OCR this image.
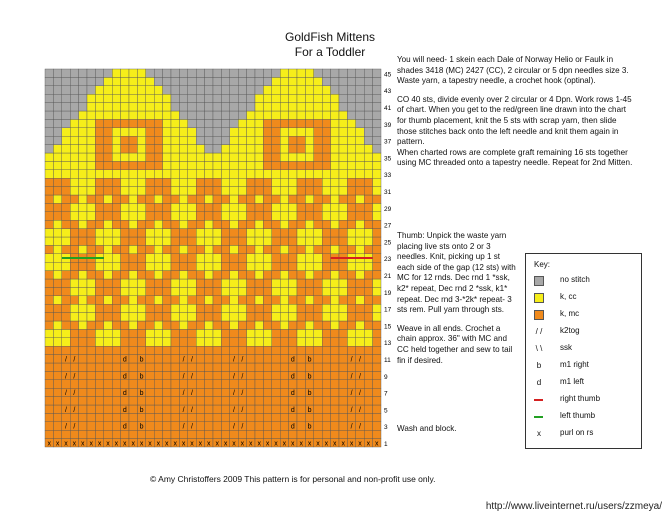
GoldFish Mittens
For a Toddler
x x x x x x x x x x x x x x x x x x x x x x x x x x x x x x x x x x x x x x x x
/ /	d b	/ /	/ /	d b	/ /
/ /	d b	/ /	/ /	d b	/ /
/ /	d b	/ /	/ /	d b	/ /
/ /	d b	/ /	/ /	d b	/ /
/ /	d b	/ /	/ /	d b	/ /
45
43
41
39
37
35
33
31
29
27
25
23
21
19
17
15
13
11
9
7
5
3
1

You will need- 1 skein each Dale of Norway Helio or Faulk in shades 3418 (MC) 2427 (CC), 2 circular or 5 dpn needles size 3. Waste yarn, a tapestry needle, a crochet hook (optinal).

CO 40 sts, divide evenly over 2 circular or 4 Dpn. Work rows 1-45 of chart. When you get to the red/green line drawn into the chart for thumb placement, knit the 5 sts with scrap yarn, then slide those stitches back onto the left needle and knit them again in pattern.

When charted rows are complete graft remaining 16 sts together using MC threaded onto a tapestry needle. Repeat for 2nd Mitten.

Thumb: Unpick the waste yarn placing live sts onto 2 or 3 needles. Knit, picking up 1 st each side of the gap (12 sts) with MC for 12 rnds. Dec rnd 1 *ssk, k2* repeat, Dec rnd 2 *ssk, k1* repeat. Dec rnd 3-*2k* repeat- 3 sts rem. Pull yarn through sts.

Weave in all ends. Crochet a chain approx. 36" with MC and CC held together and sew to tail fin if desired.

Wash and block.
Key:
no stitch
k, cc
k, mc
/ / k2tog
\ \ ssk
b	m1 right
d	m1 left
right thumb
left thumb
x	purl on rs
© Amy Christoffers 2009 This pattern is for personal and non-profit use only.
http://www.liveinternet.ru/users/zzmeya/
